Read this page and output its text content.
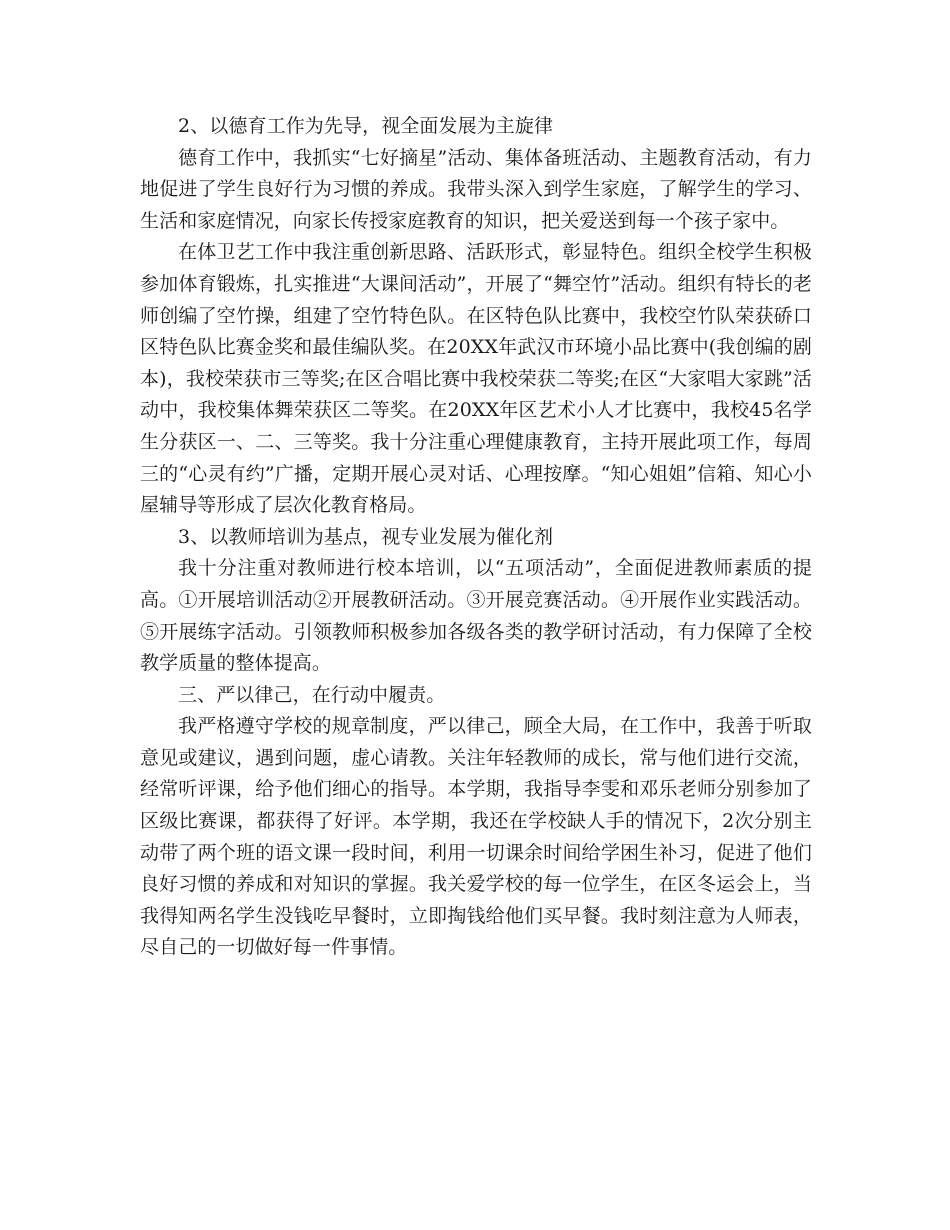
2、以德育工作为先导，视全面发展为主旋律

德育工作中，我抓实“七好摘星”活动、集体备班活动、主题教育活动，有力地促进了学生良好行为习惯的养成。我带头深入到学生家庭，了解学生的学习、生活和家庭情况，向家长传授家庭教育的知识，把关爱送到每一个孩子家中。

在体卫艺工作中我注重创新思路、活跃形式，彰显特色。组织全校学生积极参加体育锻炼，扎实推进“大课间活动”，开展了“舞空竹”活动。组织有特长的老师创编了空竹操，组建了空竹特色队。在区特色队比赛中，我校空竹队荣获硚口区特色队比赛金奖和最佳编队奖。在20XX年武汉市环境小品比赛中(我创编的剧本)，我校荣获市三等奖;在区合唱比赛中我校荣获二等奖;在区“大家唱大家跳”活动中，我校集体舞荣获区二等奖。在20XX年区艺术小人才比赛中，我校45名学生分获区一、二、三等奖。我十分注重心理健康教育，主持开展此项工作，每周三的“心灵有约”广播，定期开展心灵对话、心理按摩。“知心姐姐”信箱、知心小屋辅导等形成了层次化教育格局。

3、以教师培训为基点，视专业发展为催化剂

我十分注重对教师进行校本培训，以“五项活动”，全面促进教师素质的提高。①开展培训活动②开展教研活动。③开展竞赛活动。④开展作业实践活动。⑤开展练字活动。引领教师积极参加各级各类的教学研讨活动，有力保障了全校教学质量的整体提高。

三、严以律己，在行动中履责。

我严格遵守学校的规章制度，严以律己，顾全大局，在工作中，我善于听取意见或建议，遇到问题，虚心请教。关注年轻教师的成长，常与他们进行交流，经常听评课，给予他们细心的指导。本学期，我指导李雯和邓乐老师分别参加了区级比赛课，都获得了好评。本学期，我还在学校缺人手的情况下，2次分别主动带了两个班的语文课一段时间，利用一切课余时间给学困生补习，促进了他们良好习惯的养成和对知识的掌握。我关爱学校的每一位学生，在区冬运会上，当我得知两名学生没钱吃早餐时，立即掏钱给他们买早餐。我时刻注意为人师表，尽自己的一切做好每一件事情。
